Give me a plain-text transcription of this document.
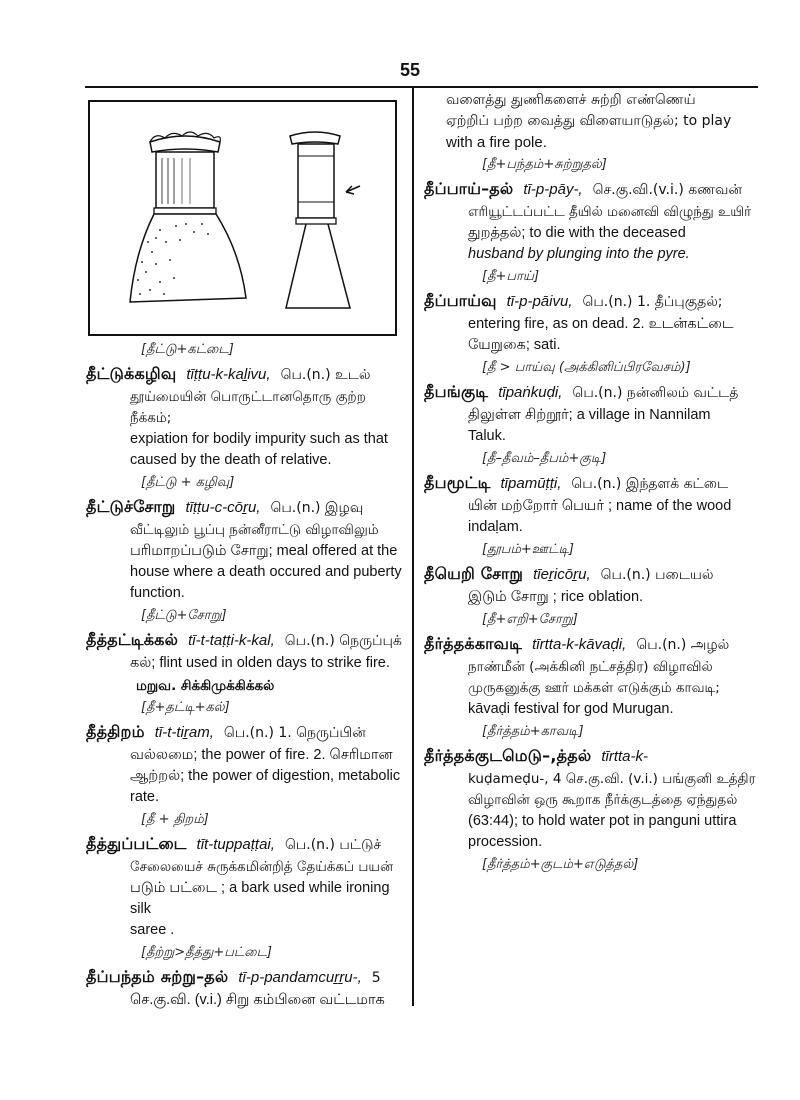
55
[தீட்டு+கட்டை]
தீட்டுக்கழிவு tīṭṭu-k-kaḻivu, பெ.(n.) உடல்
தூய்மையின் பொருட்டானதொரு குற்ற நீக்கம்;
expiation for bodily impurity such as that
caused by the death of relative.
[தீட்டு + கழிவு]
தீட்டுச்சோறு tīṭṭu-c-cōṟu, பெ.(n.) இழவு
வீட்டிலும் பூப்பு நன்னீராட்டு விழாவிலும்
பரிமாறப்படும் சோறு; meal offered at the
house where a death occured and puberty
function.
[தீட்டு+சோறு]
தீத்தட்டிக்கல் tī-t-taṭṭi-k-kal, பெ.(n.) நெருப்புக்
கல்; flint used in olden days to strike fire.
மறுவ. சிக்கிமுக்கிக்கல்
[தீ+தட்டி+கல்]
தீத்திறம் tī-t-tiṟam, பெ.(n.) 1. நெருப்பின்
வல்லமை; the power of fire. 2. செரிமான
ஆற்றல்; the power of digestion, metabolic
rate.
[தீ + திறம்]
தீத்துப்பட்டை tīt-tuppaṭṭai, பெ.(n.) பட்டுச்
சேலையைச் சுருக்கமின்றித் தேய்க்கப் பயன்
படும் பட்டை ; a bark used while ironing silk
saree .
[தீற்று>தீத்து+பட்டை]
தீப்பந்தம் சுற்று–தல் tī-p-pandamcuṟṟu-, 5
செ.கு.வி. (v.i.) சிறு கம்பினை வட்டமாக
வளைத்து துணிகளைச் சுற்றி எண்ணெய்
ஏற்றிப் பற்ற வைத்து விளையாடுதல்; to play
with a fire pole.
[தீ+பந்தம்+சுற்றுதல்]
தீப்பாய்–தல் tī-p-pāy-, செ.கு.வி.(v.i.) கணவன்
எரியூட்டப்பட்ட தீயில் மனைவி விழுந்து உயிர்
துறத்தல்; to die with the deceased
husband by plunging into the pyre.
[தீ+பாய்]
தீப்பாய்வு tī-p-pāivu, பெ.(n.) 1. தீப்புகுதல்;
entering fire, as on dead. 2. உடன்கட்டை
யேறுகை; sati.
[தீ > பாய்வு (அக்கினிப்பிரவேசம்)]
தீபங்குடி tīpaṅkuḍi, பெ.(n.) நன்னிலம் வட்டத்
திலுள்ள சிற்றூர்; a village in Nannilam
Taluk.
[தீ–தீவம்–தீபம்+குடி]
தீபமூட்டி tīpamūṭṭi, பெ.(n.) இந்தளக் கட்டை
யின் மற்றோர் பெயர் ; name of the wood
indaḷam.
[தூபம்+ஊட்டி]
தீயெறி சோறு tīeṟicōṟu, பெ.(n.) படையல்
இடும் சோறு ; rice oblation.
[தீ+எறி+சோறு]
தீர்த்தக்காவடி tīrtta-k-kāvaḍi, பெ.(n.) அழல்
நாண்மீன் (அக்கினி நட்சத்திர) விழாவில்
முருகனுக்கு ஊர் மக்கள் எடுக்கும் காவடி;
kāvaḍi festival for god Murugan.
[தீர்த்தம்+காவடி]
தீர்த்தக்குடமெடு–,த்தல் tīrtta-k-
kuḍameḍu-, 4 செ.கு.வி. (v.i.) பங்குனி உத்திர
விழாவின் ஒரு கூறாக நீர்க்குடத்தை ஏந்துதல்
(63:44); to hold water pot in panguni uttira
procession.
[தீர்த்தம்+குடம்+எடுத்தல்]
